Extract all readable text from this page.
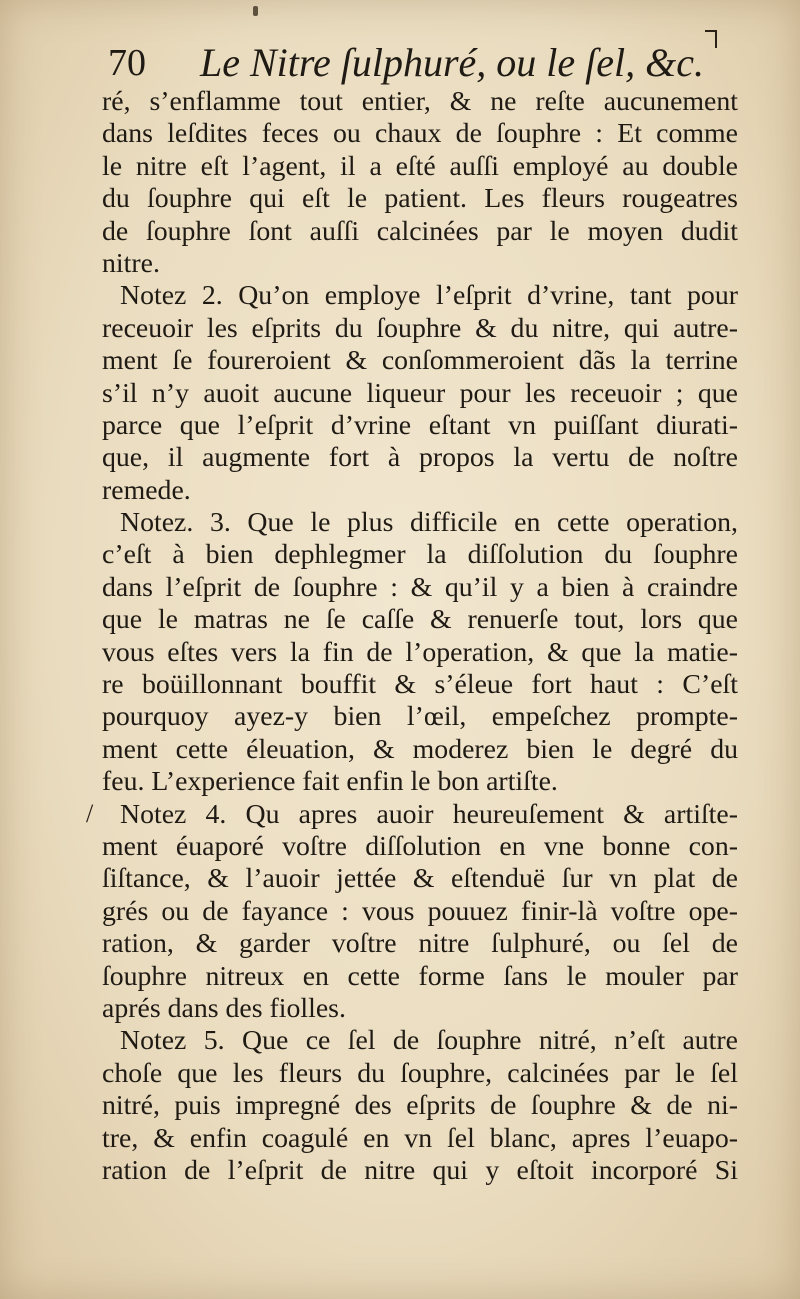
70 Le Nitre ſulphuré, ou le ſel, &c.
/
ré, s’enflamme tout entier, & ne reſte aucunement
dans leſdites feces ou chaux de ſouphre : Et comme
le nitre eſt l’agent, il a eſté auſſi employé au double
du ſouphre qui eſt le patient. Les fleurs rougeatres
de ſouphre ſont auſſi calcinées par le moyen dudit
nitre.
Notez 2. Qu’on employe l’eſprit d’vrine, tant pour
receuoir les eſprits du ſouphre & du nitre, qui autre-
ment ſe foureroient & conſommeroient dãs la terrine
s’il n’y auoit aucune liqueur pour les receuoir ; que
parce que l’eſprit d’vrine eſtant vn puiſſant diurati-
que, il augmente fort à propos la vertu de noſtre
remede.
Notez. 3. Que le plus difficile en cette operation,
c’eſt à bien dephlegmer la diſſolution du ſouphre
dans l’eſprit de ſouphre : & qu’il y a bien à craindre
que le matras ne ſe caſſe & renuerſe tout, lors que
vous eſtes vers la fin de l’operation, & que la matie-
re boüillonnant bouffit & s’éleue fort haut : C’eſt
pourquoy ayez-y bien l’œil, empeſchez prompte-
ment cette éleuation, & moderez bien le degré du
feu. L’experience fait enfin le bon artiſte.
Notez 4. Qu apres auoir heureuſement & artiſte-
ment éuaporé voſtre diſſolution en vne bonne con-
ſiſtance, & l’auoir jettée & eſtenduë ſur vn plat de
grés ou de fayance : vous pouuez finir-là voſtre ope-
ration, & garder voſtre nitre ſulphuré, ou ſel de
ſouphre nitreux en cette forme ſans le mouler par
aprés dans des fiolles.
Notez 5. Que ce ſel de ſouphre nitré, n’eſt autre
choſe que les fleurs du ſouphre, calcinées par le ſel
nitré, puis impregné des eſprits de ſouphre & de ni-
tre, & enfin coagulé en vn ſel blanc, apres l’euapo-
ration de l’eſprit de nitre qui y eſtoit incorporé Si
